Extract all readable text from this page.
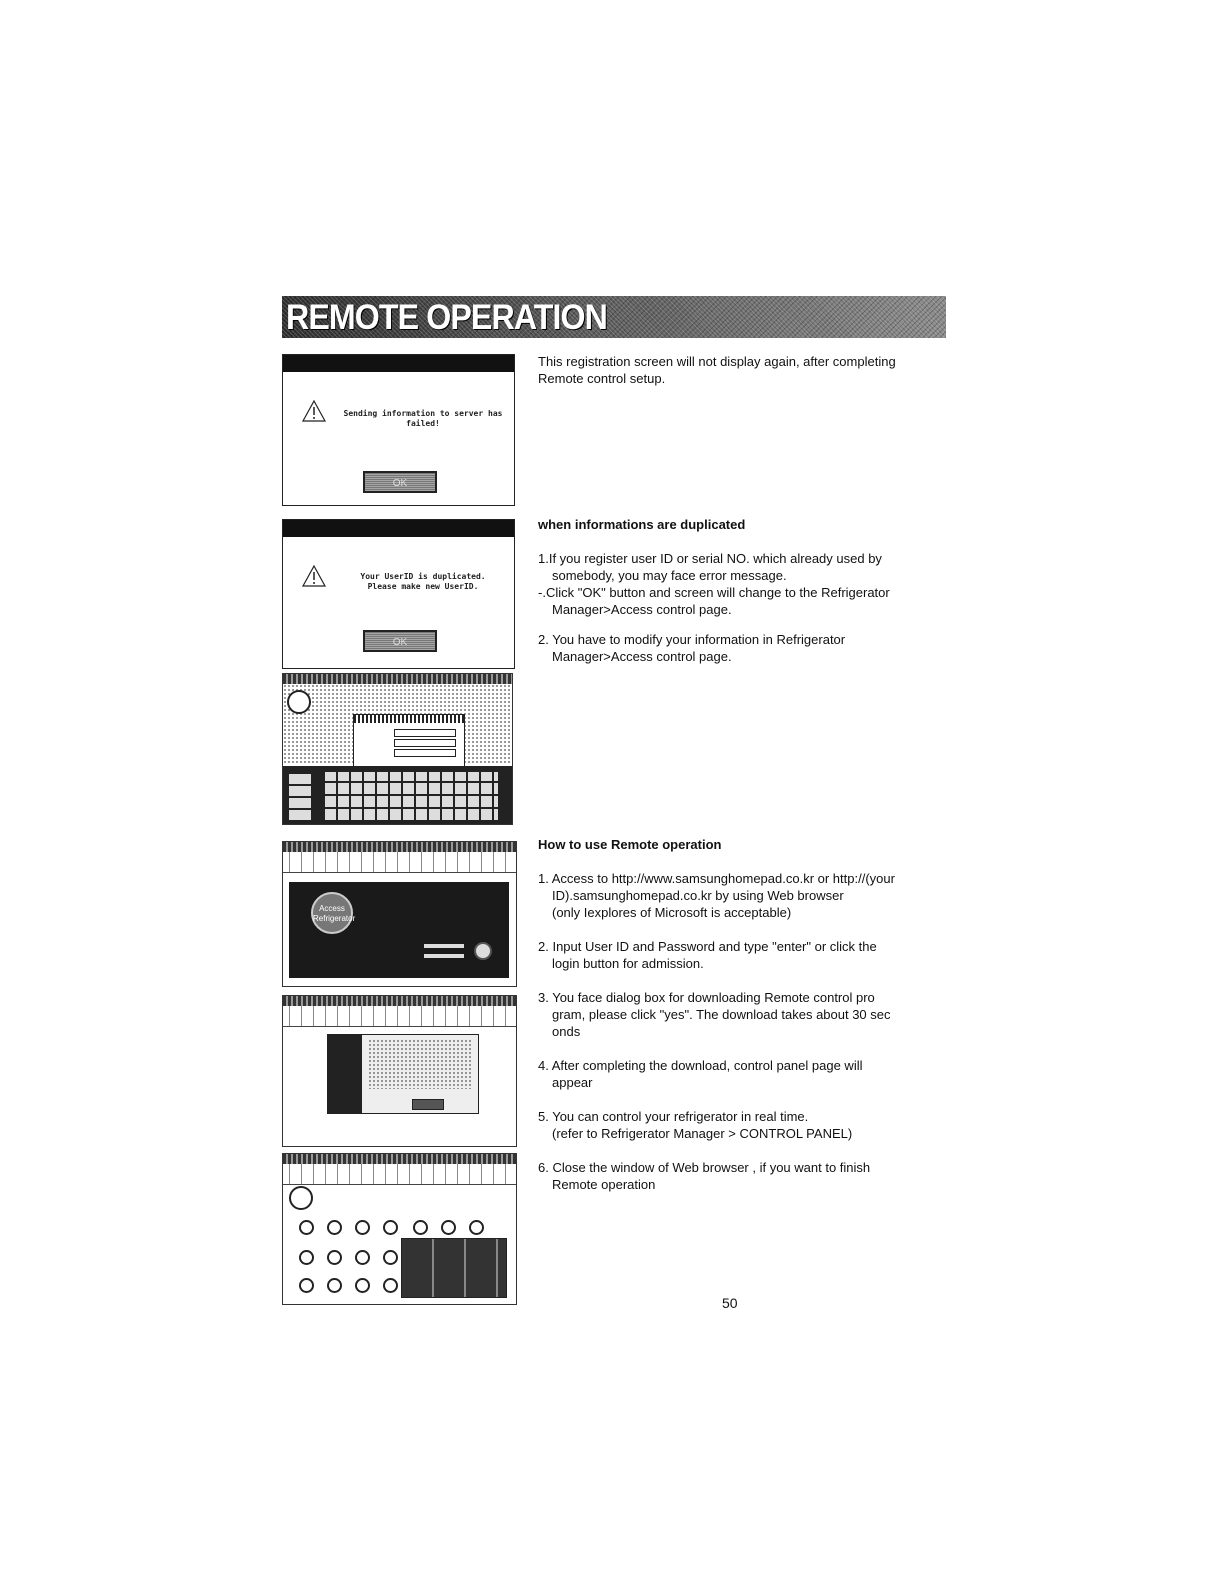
REMOTE OPERATION
Sending information to server has
failed!
OK
Your UserID is duplicated.
Please make new UserID.
OK
Access
Refrigerator

This registration screen will not display again, after completing

Remote control setup.

when informations are duplicated

1.If you register user ID or serial NO. which already used by

somebody, you may face error message.

-.Click "OK" button and screen will change to the Refrigerator

Manager>Access control page.

2. You have to modify your information in Refrigerator

Manager>Access control page.

How to use Remote operation

1. Access to http://www.samsunghomepad.co.kr or http://(your

ID).samsunghomepad.co.kr by using Web browser

(only Iexplores of Microsoft is acceptable)

2. Input User ID and Password and type "enter" or click the

login button for admission.

3. You face dialog box for downloading Remote control pro

gram, please click "yes". The download takes about 30 sec

onds

4. After completing the download, control panel page will

appear

5. You can control your refrigerator in real time.

(refer to Refrigerator Manager > CONTROL PANEL)

6. Close the window of Web browser , if you want to finish

Remote operation

50
